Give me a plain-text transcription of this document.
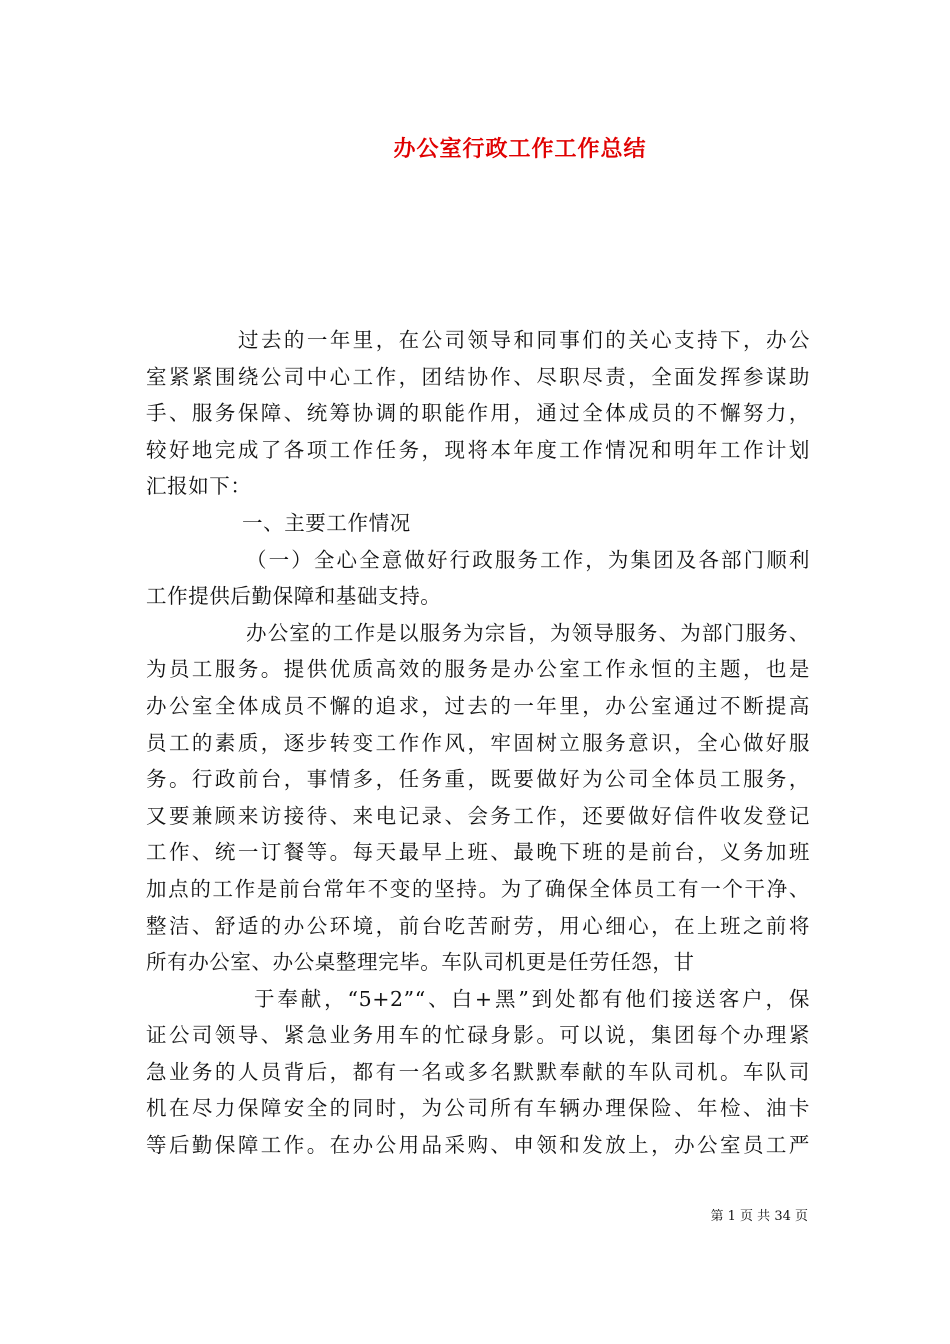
办公室行政工作工作总结
过去的一年里，在公司领导和同事们的关心支持下，办公
室紧紧围绕公司中心工作，团结协作、尽职尽责，全面发挥参谋助
手、服务保障、统筹协调的职能作用，通过全体成员的不懈努力，
较好地完成了各项工作任务，现将本年度工作情况和明年工作计划
汇报如下：
一、主要工作情况
（一）全心全意做好行政服务工作，为集团及各部门顺利
工作提供后勤保障和基础支持。
办公室的工作是以服务为宗旨，为领导服务、为部门服务、
为员工服务。提供优质高效的服务是办公室工作永恒的主题，也是
办公室全体成员不懈的追求，过去的一年里，办公室通过不断提高
员工的素质，逐步转变工作作风，牢固树立服务意识，全心做好服
务。行政前台，事情多，任务重，既要做好为公司全体员工服务，
又要兼顾来访接待、来电记录、会务工作，还要做好信件收发登记
工作、统一订餐等。每天最早上班、最晚下班的是前台，义务加班
加点的工作是前台常年不变的坚持。为了确保全体员工有一个干净、
整洁、舒适的办公环境，前台吃苦耐劳，用心细心，在上班之前将
所有办公室、办公桌整理完毕。车队司机更是任劳任怨，甘
于奉献，“5+2”“、白+黑”到处都有他们接送客户，保
证公司领导、紧急业务用车的忙碌身影。可以说，集团每个办理紧
急业务的人员背后，都有一名或多名默默奉献的车队司机。车队司
机在尽力保障安全的同时，为公司所有车辆办理保险、年检、油卡
等后勤保障工作。在办公用品采购、申领和发放上，办公室员工严
第 1 页 共 34 页
